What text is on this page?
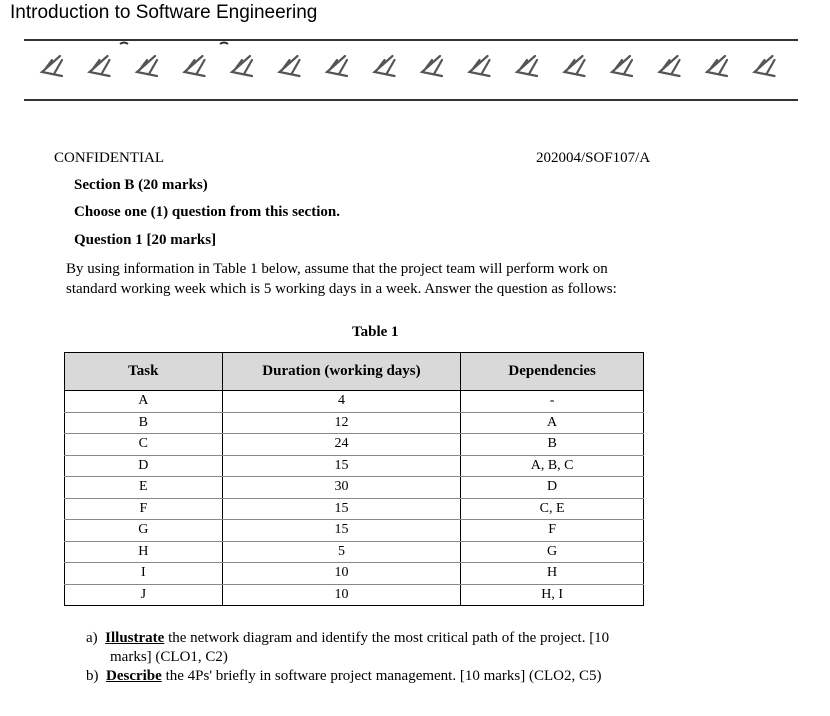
Introduction to Software Engineering
CONFIDENTIAL	202004/SOF107/A
Section B (20 marks)
Choose one (1) question from this section.
Question 1 [20 marks]
By using information in Table 1 below, assume that the project team will perform work on
standard working week which is 5 working days in a week. Answer the question as follows:
Table 1
Task	Duration (working days)	Dependencies
A	4	-
B	12	A
C	24	B
D	15	A, B, C
E	30	D
F	15	C, E
G	15	F
H	5	G
I	10	H
J	10	H, I
a) Illustrate the network diagram and identify the most critical path of the project. [10
marks] (CLO1, C2)
b) Describe the 4Ps' briefly in software project management. [10 marks] (CLO2, C5)
